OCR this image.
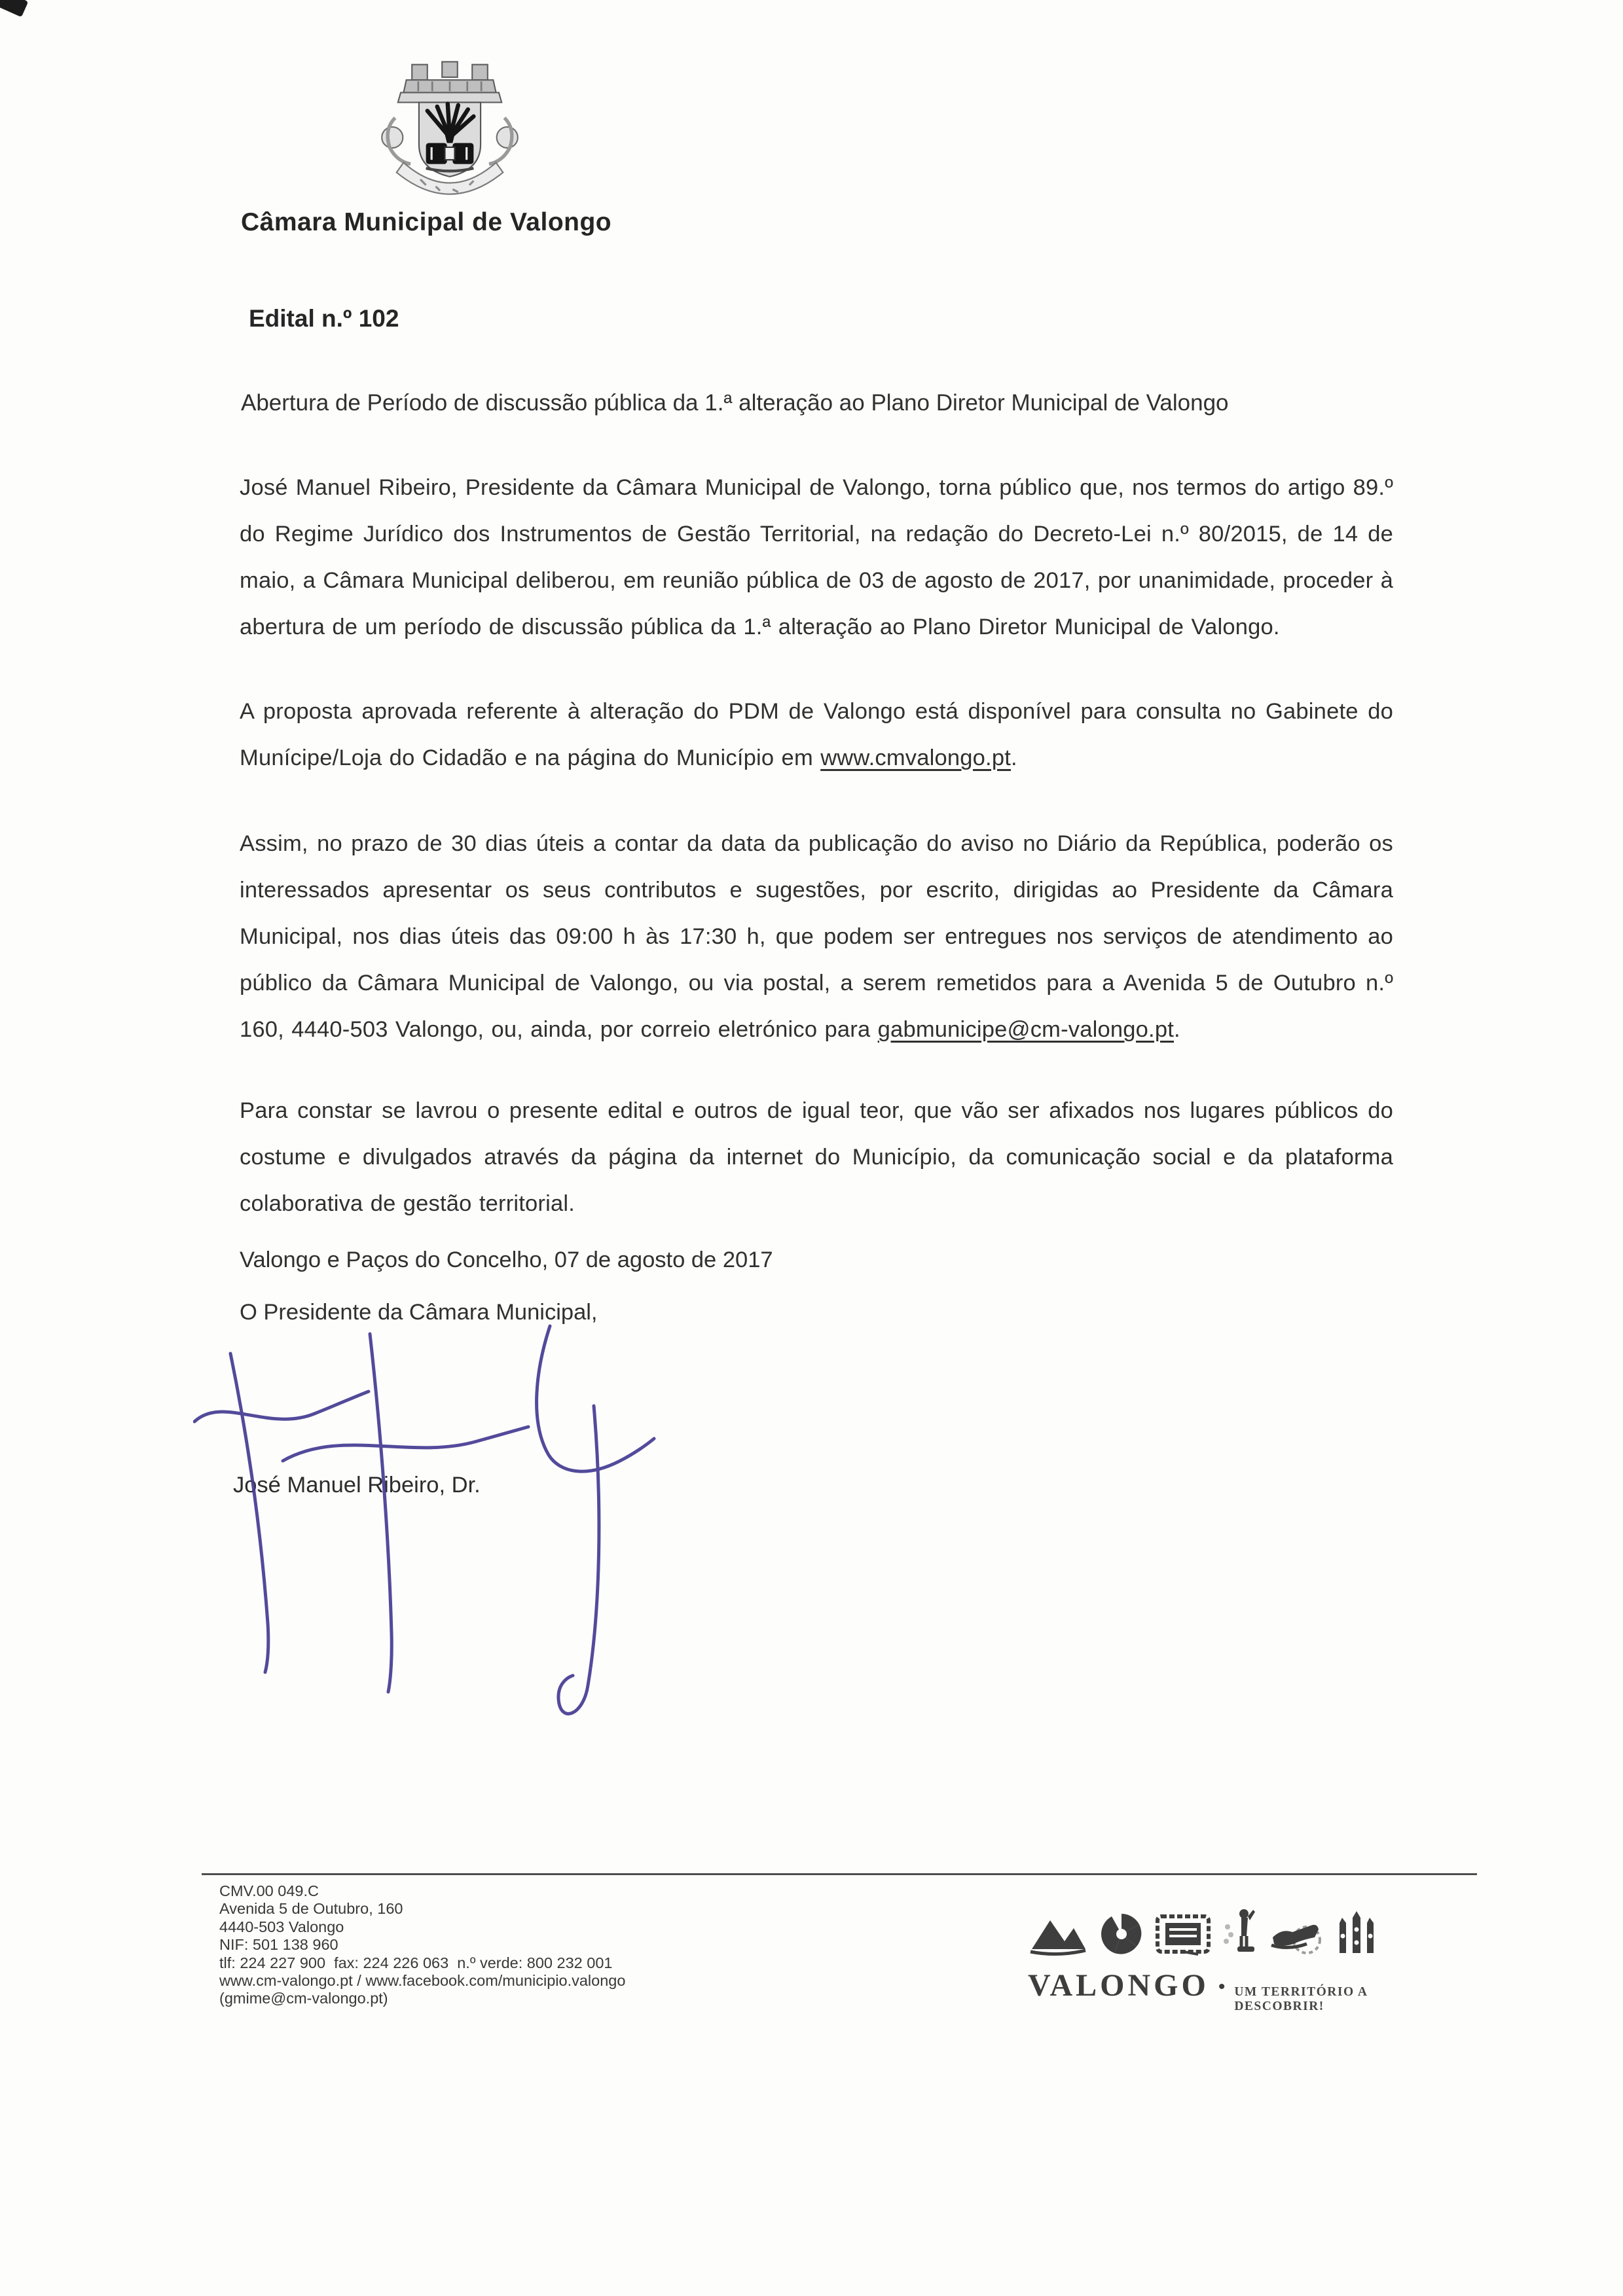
Câmara Municipal de Valongo
Edital n.º 102
Abertura de Período de discussão pública da 1.ª alteração ao Plano Diretor Municipal de Valongo

José Manuel Ribeiro, Presidente da Câmara Municipal de Valongo, torna público que, nos termos do artigo 89.º do Regime Jurídico dos Instrumentos de Gestão Territorial, na redação do Decreto-Lei n.º 80/2015, de 14 de maio, a Câmara Municipal deliberou, em reunião pública de 03 de agosto de 2017, por unanimidade, proceder à abertura de um período de discussão pública da 1.ª alteração ao Plano Diretor Municipal de Valongo.

A proposta aprovada referente à alteração do PDM de Valongo está disponível para consulta no Gabinete do Munícipe/Loja do Cidadão e na página do Município em www.cmvalongo.pt.

Assim, no prazo de 30 dias úteis a contar da data da publicação do aviso no Diário da República, poderão os interessados apresentar os seus contributos e sugestões, por escrito, dirigidas ao Presidente da Câmara Municipal, nos dias úteis das 09:00 h às 17:30 h, que podem ser entregues nos serviços de atendimento ao público da Câmara Municipal de Valongo, ou via postal, a serem remetidos para a Avenida 5 de Outubro n.º 160, 4440-503 Valongo, ou, ainda, por correio eletrónico para gabmunicipe@cm-valongo.pt.

Para constar se lavrou o presente edital e outros de igual teor, que vão ser afixados nos lugares públicos do costume e divulgados através da página da internet do Município, da comunicação social e da plataforma colaborativa de gestão territorial.

Valongo e Paços do Concelho, 07 de agosto de 2017
O Presidente da Câmara Municipal,
José Manuel Ribeiro, Dr.
CMV.00 049.C
Avenida 5 de Outubro, 160
4440-503 Valongo
NIF: 501 138 960
tlf: 224 227 900  fax: 224 226 063  n.º verde: 800 232 001
www.cm-valongo.pt / www.facebook.com/municipio.valongo
(gmime@cm-valongo.pt)	VALONGO • UM TERRITÓRIO A DESCOBRIR!
